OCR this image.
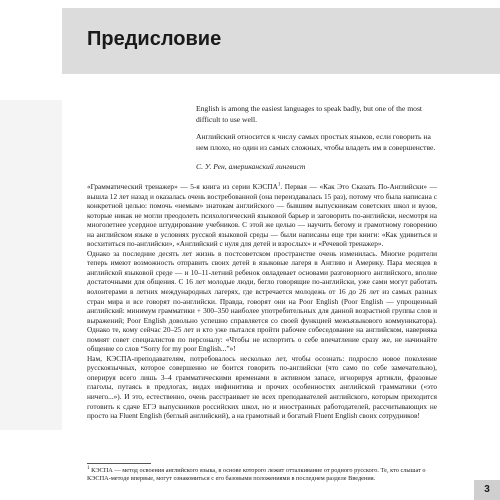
Предисловие

English is among the easiest languages to speak badly, but one of the most difficult to use well.

Английский относится к числу самых простых языков, если говорить на нем плохо, но один из самых сложных, чтобы владеть им в совершенстве.

С. У. Рен, американский лингвист

«Грамматический тренажер» — 5-я книга из серии КЭСПА$^1$. Первая — «Как Это Сказать По-Английски» — вышла 12 лет назад и оказалась очень востребованной (она переиздавалась 15 раз), потому что была написана с конкретной целью: помочь «немым» знатокам английского — бывшим выпускникам советских школ и вузов, которые никак не могли преодолеть психологический языковой барьер и заговорить по-английски, несмотря на многолетнее усердное штудирование учебников. С этой же целью — научить бегому и грамотному говорению на английском языке в условиях русской языковой среды — были написаны еще три книги: «Как удивиться и восхититься по-английски», «Английский с нуля для детей и взрослых» и «Речевой тренажер».

Однако за последние десять лет жизнь в постсоветском пространстве очень изменилась. Многие родители теперь имеют возможность отправить своих детей в языковые лагеря в Англию и Америку. Пара месяцев в английской языковой среде — и 10–11-летний ребенок овладевает основами разговорного английского, вполне достаточными для общения. С 16 лет молодые люди, бегло говорящие по-английски, уже сами могут работать волонтерами в летних международных лагерях, где встречается молодежь от 16 до 26 лет из самых разных стран мира и все говорят по-английски. Правда, говорят они на Poor English (Poor English — упрощенный английский: минимум грамматики + 300–350 наиболее употребительных для данной возрастной группы слов и выражений; Poor English довольно успешно справляется со своей функцией межъязыкового коммуникатора). Однако те, кому сейчас 20–25 лет и кто уже пытался пройти рабочее собеседование на английском, наверняка помнят совет специалистов по персоналу: «Чтобы не испортить о себе впечатление сразу же, не начинайте общение со слов “Sorry for my poor English...”»!

Нам, КЭСПА-преподавателям, потребовалось несколько лет, чтобы осознать: подросло новое поколение русскоязычных, которое совершенно не боится говорить по-английски (что само по себе замечательно), оперируя всего лишь 3–4 грамматическими временами в активном запасе, игнорируя артикли, фразовые глаголы, путаясь в предлогах, видах инфинитива и прочих особенностях английской грамматики («это ничего...»). И это, естественно, очень расстраивает не всех преподавателей английского, которым приходится готовить к сдаче ЕГЭ выпускников российских школ, но и иностранных работодателей, рассчитывающих не просто на Fluent English (беглый английский), а на грамотный и богатый Fluent English своих сотрудников!

$^1$ КЭСПА — метод освоения английского языка, в основе которого лежит отталкивание от родного русского. Те, кто слышат о КЭСПА-методе впервые, могут ознакомиться с его базовыми положениями в последнем разделе Введения.

3
